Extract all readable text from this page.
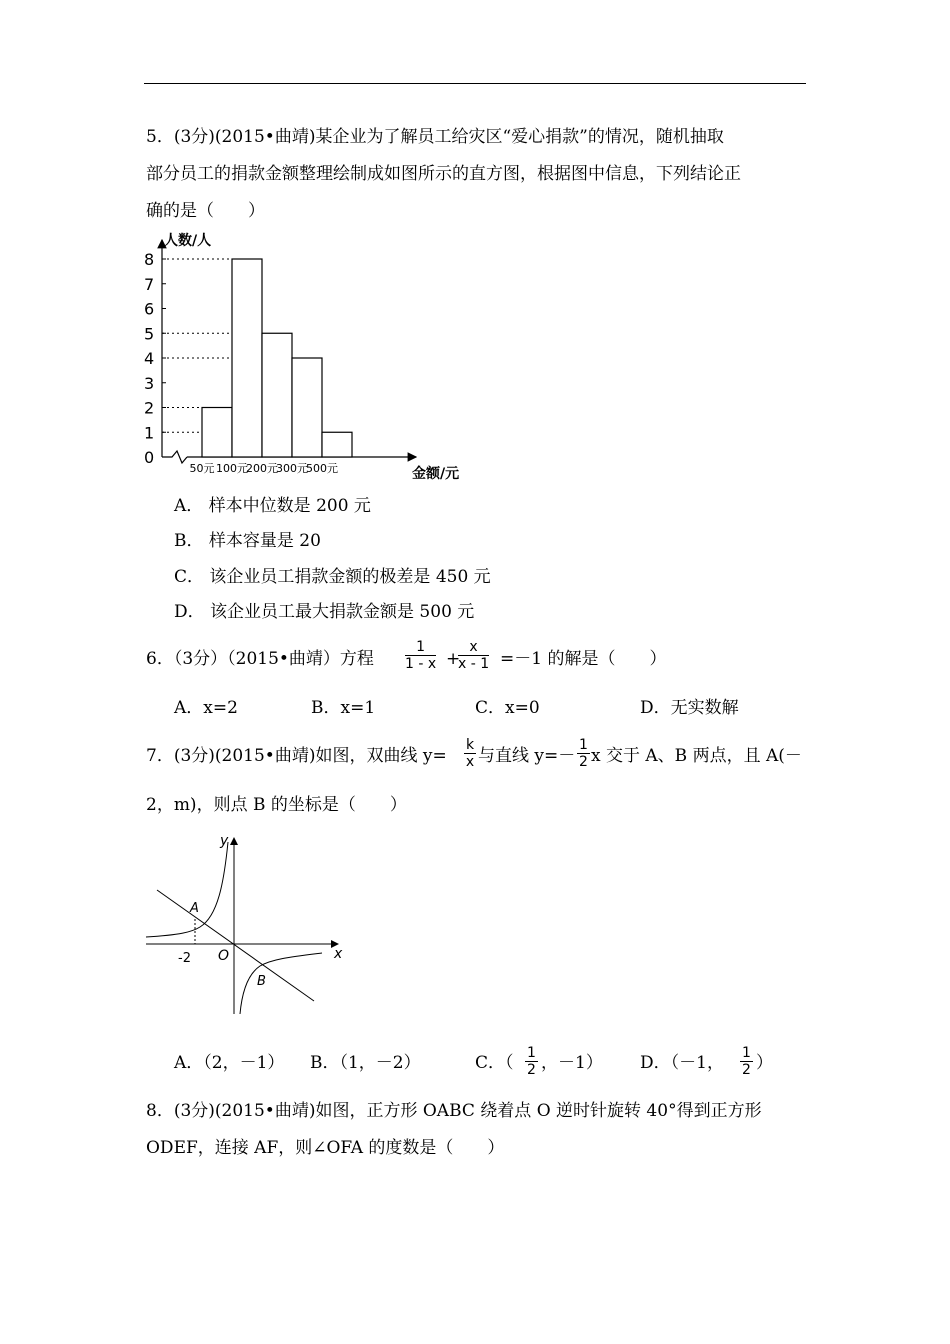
5．(3分)(2015•曲靖)某企业为了解员工给灾区“爱心捐款”的情况，随机抽取
部分员工的捐款金额整理绘制成如图所示的直方图，根据图中信息，下列结论正
确的是（　　）
人数/人
金额/元
0
1
2
3
4
5
6
7
8
50元 100元
200元
300元
500元
A． 样本中位数是 200 元
B． 样本容量是 20
C． 该企业员工捐款金额的极差是 450 元
D． 该企业员工最大捐款金额是 500 元
6．（3分）（2015•曲靖）方程 $\frac{1}{1 - x}$ +
$\frac{x}{x - 1} =-1$ 的解是（　　）
A．x=2	B．x=1	C．x=0	D．无实数解
7．(3分)(2015•曲靖)如图，双曲线 $y= \frac{k}{x}$ 与直线 $y=- \frac{1}{2}$ x 交于 A、B 两点，且 A(－
2，m)，则点 B 的坐标是（　　）
y
x
O
A
B
-2
A．（2，－1） B．（1，－2）	C．（ $\frac{1}{2}$ ，－1） D．（－1， $\frac{1}{2}$ ）
8．(3分)(2015•曲靖)如图，正方形 OABC 绕着点 O 逆时针旋转 40°得到正方形
ODEF，连接 AF，则∠OFA 的度数是（　　）
